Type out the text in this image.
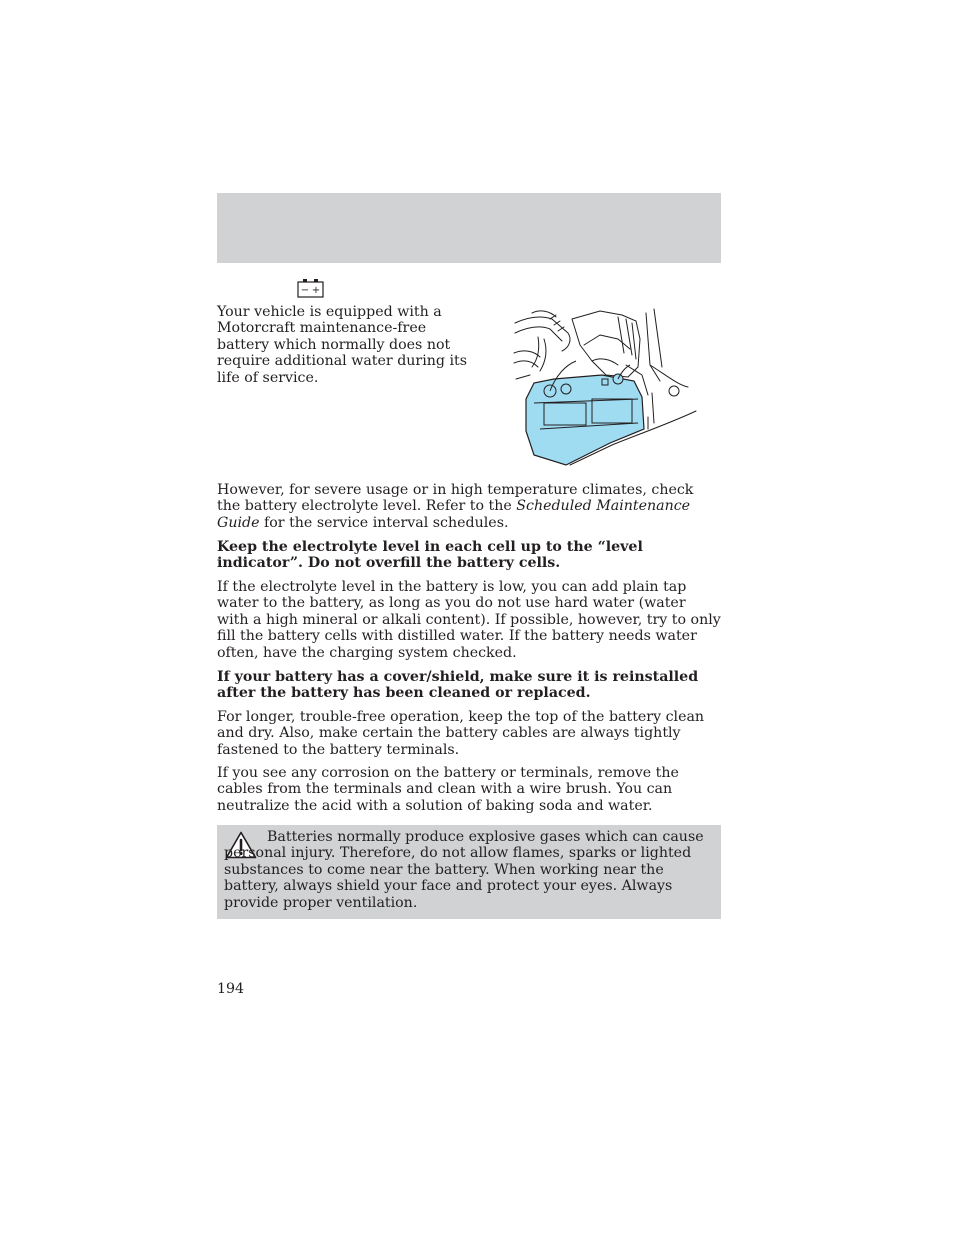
− +

Your vehicle is equipped with a Motorcraft maintenance-free battery which normally does not require additional water during its life of service.

However, for severe usage or in high temperature climates, check the battery electrolyte level. Refer to the Scheduled Maintenance Guide for the service interval schedules.

Keep the electrolyte level in each cell up to the “level indicator”. Do not overfill the battery cells.

If the electrolyte level in the battery is low, you can add plain tap water to the battery, as long as you do not use hard water (water with a high mineral or alkali content). If possible, however, try to only fill the battery cells with distilled water. If the battery needs water often, have the charging system checked.

If your battery has a cover/shield, make sure it is reinstalled after the battery has been cleaned or replaced.

For longer, trouble-free operation, keep the top of the battery clean and dry. Also, make certain the battery cables are always tightly fastened to the battery terminals.

If you see any corrosion on the battery or terminals, remove the cables from the terminals and clean with a wire brush. You can neutralize the acid with a solution of baking soda and water.

Batteries normally produce explosive gases which can cause personal injury. Therefore, do not allow flames, sparks or lighted substances to come near the battery. When working near the battery, always shield your face and protect your eyes. Always provide proper ventilation.

194
